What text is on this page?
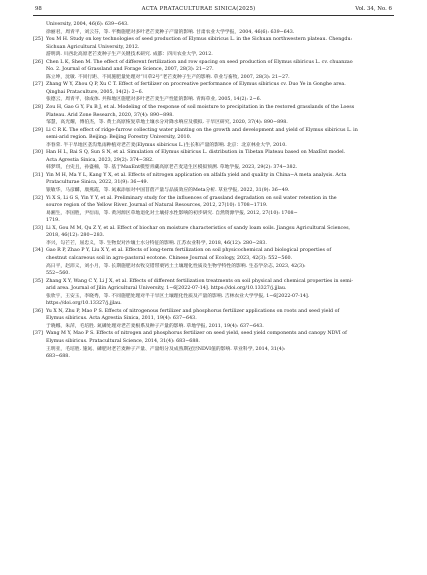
98	ACTA PRATACULTURAE SINICA(2025)	Vol. 34, No. 6
University, 2004, 46(6): 639−643.
徐丽君，周青平，刘云芬，等. 平衡施肥对多叶老芒麦种子产量的影响. 甘肃农业大学学报，2004, 46(6): 639−643.
[25] You M H. Study on key technologies of seed production of Elymus sibiricus L. in the Sichuan northwestern plateau. Chengdu:
Sichuan Agricultural University, 2012.
游明鸿. 川西北高原老芒麦种子生产关键技术研究. 成都：四川农业大学, 2012.
[26] Chen L K, Shen M. The effect of different fertilization and row spacing on seed production of Elymus sibiricus L. cv. chuanzao
No. 2. Journal of Grassland and Forage Science, 2007, 28(3): 21−27.
陈立坤，沈敏. 不同行距、不同施肥量处理对“川草2号”老芒麦种子生产的影响. 草业与畜牧, 2007, 28(3): 21−27.
[27] Zhang W Y, Zhou Q P, Xu C T. Effect of fertilizer on procreative performance of Elymus sibiricus cv. Duo Ye in Gonghe area.
Qinghai Prataculture, 2005, 14(2): 2−6.
张德云，周青平，徐成体. 共和地区施肥对多叶老芒麦生产性能的影响. 青海草业, 2005, 14(2): 2−6.
[28] Zou H, Gao G Y, Fu B J, et al. Modeling of the response of soil moisture to precipitation in the restored grasslands of the Loess
Plateau. Arid Zone Research, 2020, 37(4): 890−898.
邹慧，高光耀，傅伯杰，等. 黄土高原恢复草地土壤水分对降水响应及模拟. 干旱区研究, 2020, 37(4): 890−898.
[29] Li C R K. The effect of ridge-furrow collecting water planting on the growth and development and yield of Elymus sibiricus L. in
semi-arid region. Beijing: Beijing Forestry University, 2010.
李春荣. 半干旱地区垄沟集雨种植对老芒麦(Elymus sibiricus L.)生长和产量的影响. 北京：北京林业大学, 2010.
[30] Han H L, Bai S Q, Sun S N, et al. Simulation of Elymus sibiricus L. distribution in Tibetan Plateau based on MaxEnt model.
Acta Agrestia Sinica, 2023, 29(2): 374−382.
韩梦琪，白史且，孙盛楠，等. 基于MaxEnt模型青藏高原老芒麦适生区模拟预测. 草地学报, 2023, 29(2): 374−382.
[31] Yin M H, Ma Y L, Kang Y X, et al. Effects of nitrogen application on alfalfa yield and quality in China−A meta analysis. Acta
Prataculturae Sinica, 2022, 31(9): 36−49.
银敏华，马彦麟，康燕霞，等. 氮素添加对中国苜蓿产量与品质效应的Meta分析. 草业学报, 2022, 31(9): 36−49.
[32] Yi X S, Li G S, Yin Y Y, et al. Preliminary study for the influences of grassland degradation on soil water retention in the
source region of the Yellow River. Journal of Natural Resources, 2012, 27(10): 1708−1719.
易湘生，李国胜，尹衍雨，等. 黄河源区草地退化对土壤持水性影响的初步研究. 自然资源学报, 2012, 27(10): 1708−
1719.
[33] Li X, Gou M M, Qu Z Y, et al. Effect of biochar on moisture characteristics of sandy loam soils. Jiangsu Agricultural Sciences,
2018, 46(12): 280−283.
李兴，勾芒芒，屈忠义，等. 生物炭对沙壤土水分特征的影响. 江苏农业科学, 2018, 46(12): 280−283.
[34] Gao R P, Zhao P Y, Liu X Y, et al. Effects of long-term fertilization on soil physicochemical and biological properties of
chestnut calcareous soil in agro-pastoral ecotone. Chinese Journal of Ecology, 2023, 42(3): 552−560.
高日平，赵沛义，刘小月，等. 长期施肥对农牧交错带栗钙土土壤理化性质及生物学特性的影响. 生态学杂志, 2023, 42(3):
552−560.
[35] Zhang X Y, Wang C Y, Li J X, et al. Effects of different fertilization treatments on soil physical and chemical properties in semi-
arid area. Journal of Jilin Agricultural University, 1−6[2022-07-14]. https://doi.org/10.13327/j.jjlau.
张欣宇，王安玉，李晓秀，等. 不同施肥处理对半干旱区土壤理化性质及产量的影响. 吉林农业大学学报, 1−6[2022-07-14].
https://doi.org/10.13327/j.jjlau.
[36] Yu X N, Zhu P, Mao P S. Effects of nitrogenous fertilizer and phosphorus fertilizer applications on roots and seed yield of
Elymus sibiricus. Acta Agrestia Sinica, 2011, 19(4): 637−643.
于晓娜，朱萍，毛培胜. 氮磷处理对老芒麦根系及种子产量的影响. 草地学报, 2011, 19(4): 637−643.
[37] Wang M Y, Mao P S. Effects of nitrogen and phosphorus fertilizer on seed yield, seed yield components and canopy NDVI of
Elymus sibiricus. Pratacultural Science, 2014, 31(4): 683−688.
王明亚，毛培胜. 施氮、磷肥对老芒麦种子产量、产量组分及成熟期冠层NDVI值的影响. 草业科学, 2014, 31(4):
683−688.
